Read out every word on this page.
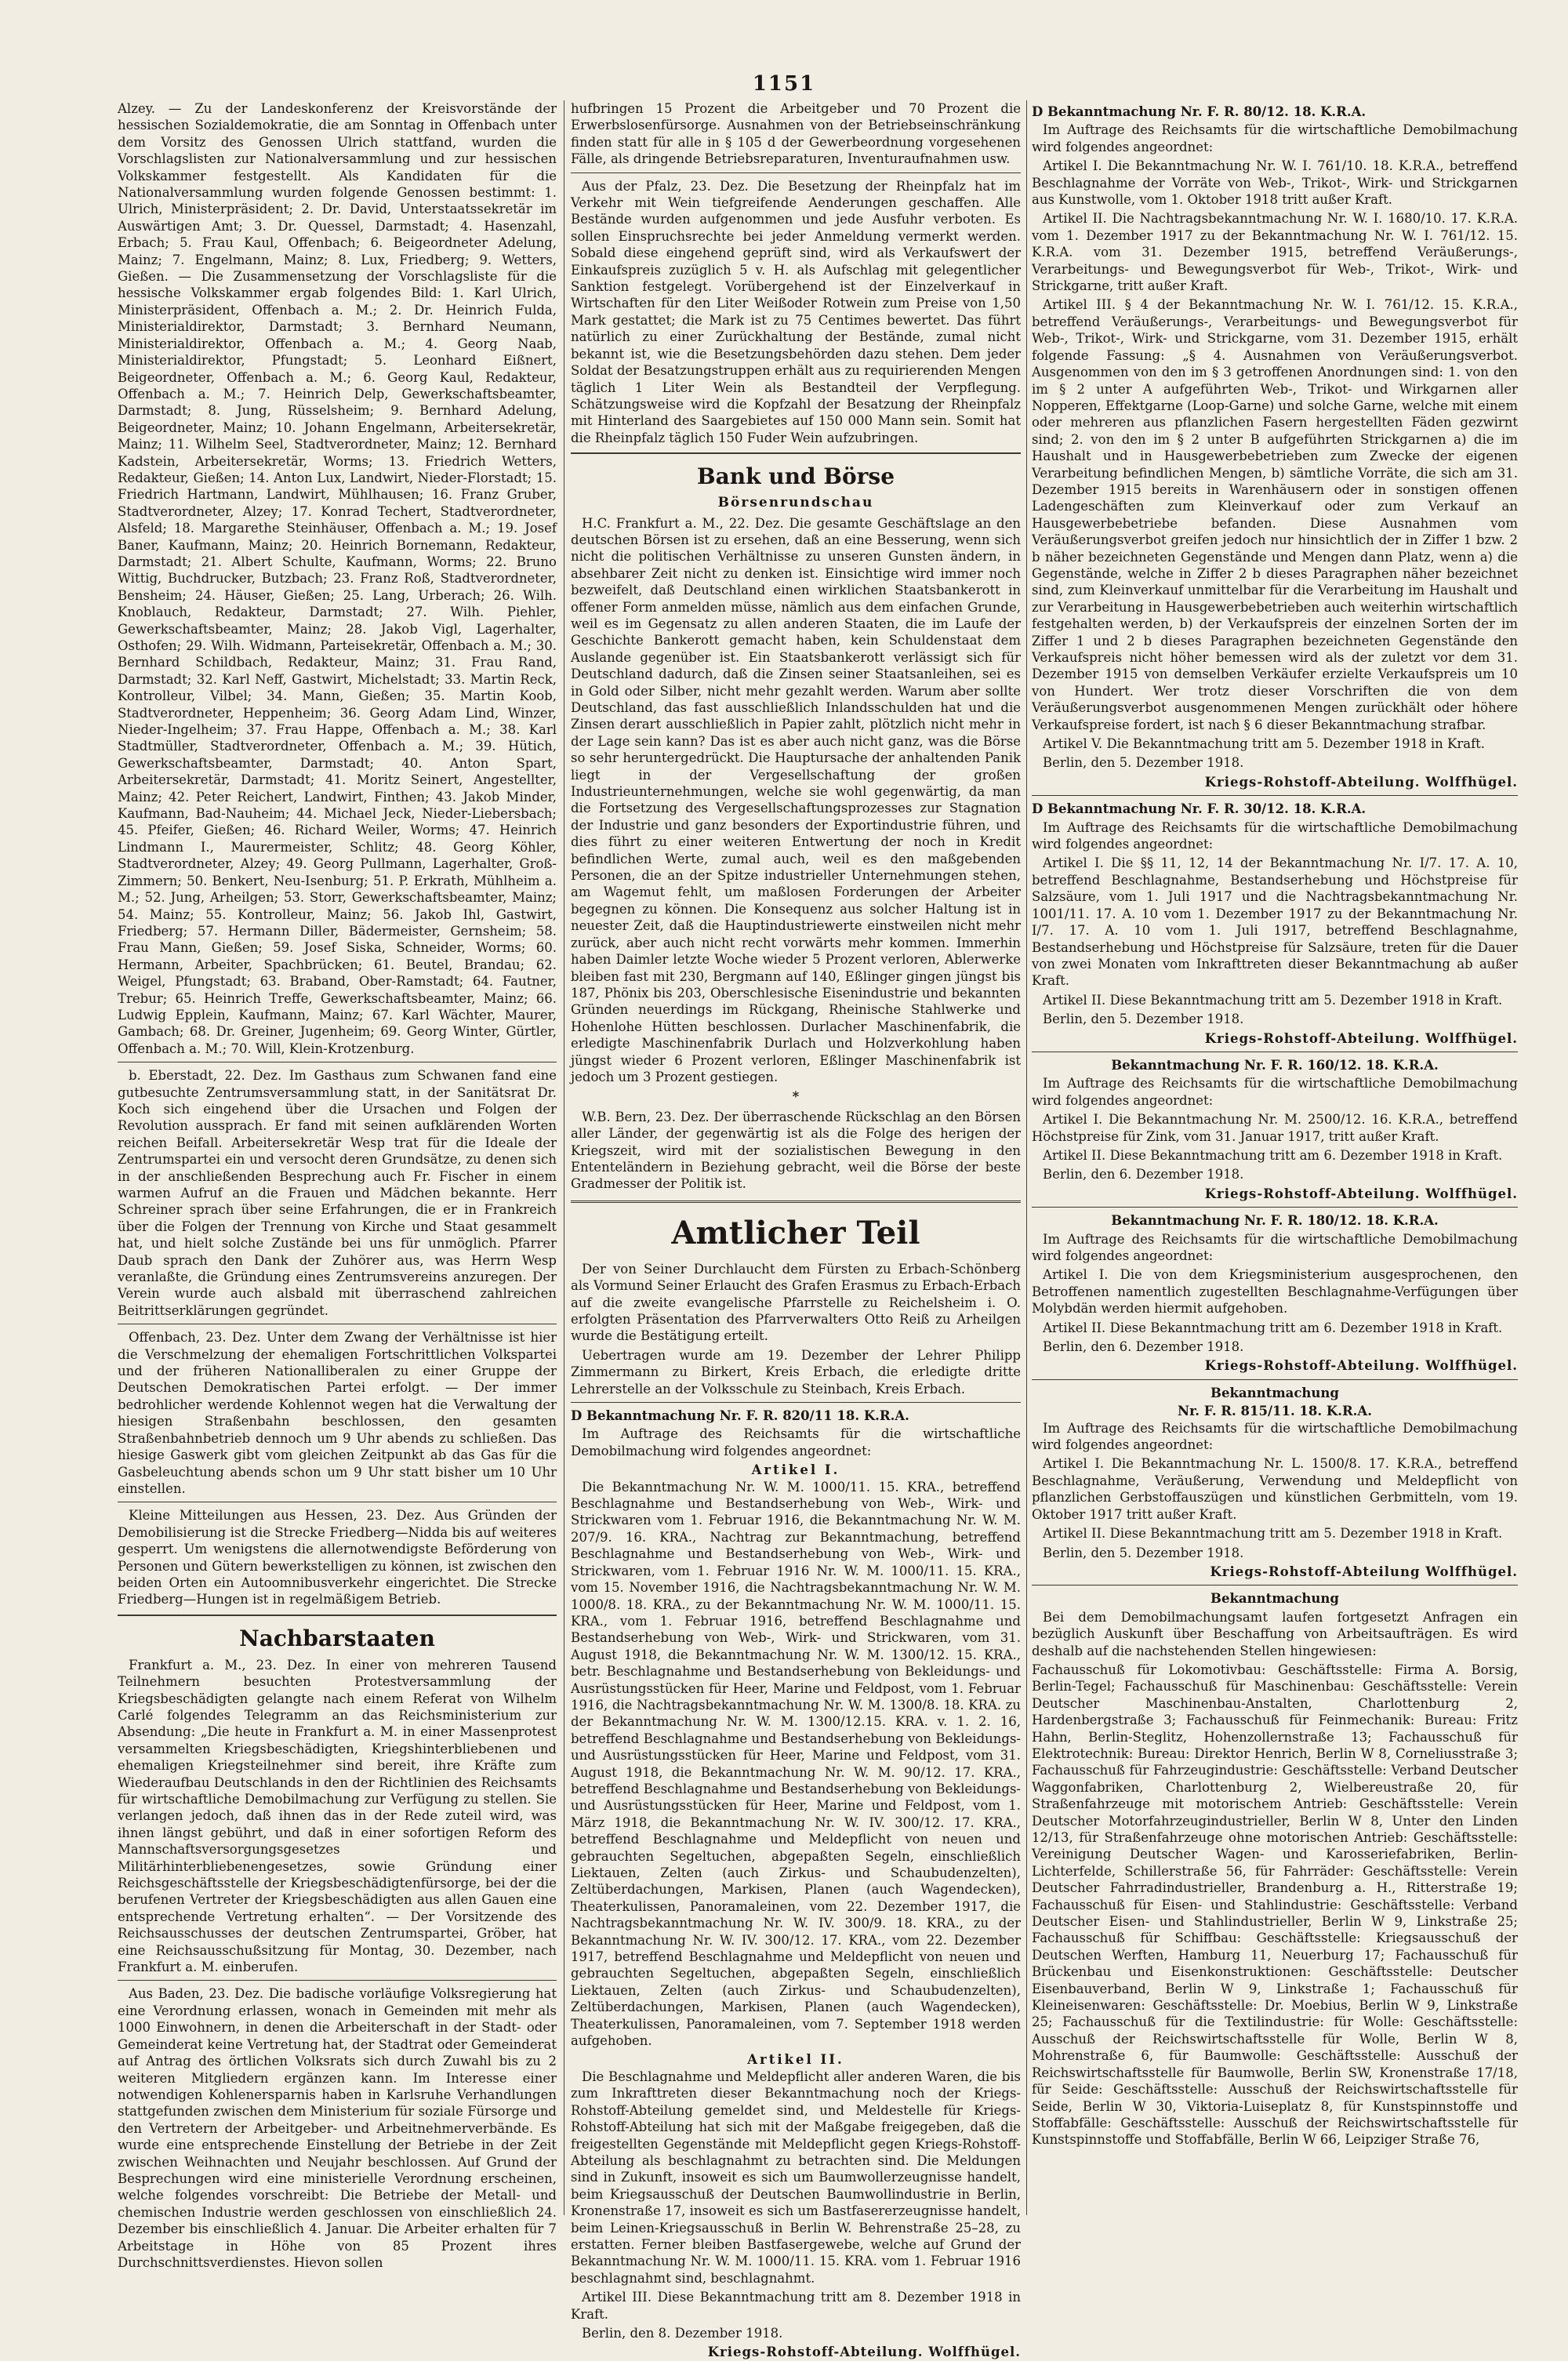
1151

Alzey. — Zu der Landeskonferenz der Kreisvorstände der hessischen Sozialdemokratie, die am Sonntag in Offenbach unter dem Vorsitz des Genossen Ulrich stattfand, wurden die Vorschlagslisten zur Nationalversammlung und zur hessischen Volkskammer festgestellt. Als Kandidaten für die Nationalversammlung wurden folgende Genossen bestimmt: 1. Ulrich, Ministerpräsident; 2. Dr. David, Unterstaatssekretär im Auswärtigen Amt; 3. Dr. Quessel, Darmstadt; 4. Hasenzahl, Erbach; 5. Frau Kaul, Offenbach; 6. Beigeordneter Adelung, Mainz; 7. Engelmann, Mainz; 8. Lux, Friedberg; 9. Wetters, Gießen. — Die Zusammensetzung der Vorschlagsliste für die hessische Volkskammer ergab folgendes Bild: 1. Karl Ulrich, Ministerpräsident, Offenbach a. M.; 2. Dr. Heinrich Fulda, Ministerialdirektor, Darmstadt; 3. Bernhard Neumann, Ministerialdirektor, Offenbach a. M.; 4. Georg Naab, Ministerialdirektor, Pfungstadt; 5. Leonhard Eißnert, Beigeordneter, Offenbach a. M.; 6. Georg Kaul, Redakteur, Offenbach a. M.; 7. Heinrich Delp, Gewerkschaftsbeamter, Darmstadt; 8. Jung, Rüsselsheim; 9. Bernhard Adelung, Beigeordneter, Mainz; 10. Johann Engelmann, Arbeitersekretär, Mainz; 11. Wilhelm Seel, Stadtverordneter, Mainz; 12. Bernhard Kadstein, Arbeitersekretär, Worms; 13. Friedrich Wetters, Redakteur, Gießen; 14. Anton Lux, Landwirt, Nieder-Florstadt; 15. Friedrich Hartmann, Landwirt, Mühlhausen; 16. Franz Gruber, Stadtverordneter, Alzey; 17. Konrad Techert, Stadtverordneter, Alsfeld; 18. Margarethe Steinhäuser, Offenbach a. M.; 19. Josef Baner, Kaufmann, Mainz; 20. Heinrich Bornemann, Redakteur, Darmstadt; 21. Albert Schulte, Kaufmann, Worms; 22. Bruno Wittig, Buchdrucker, Butzbach; 23. Franz Roß, Stadtverordneter, Bensheim; 24. Häuser, Gießen; 25. Lang, Urberach; 26. Wilh. Knoblauch, Redakteur, Darmstadt; 27. Wilh. Piehler, Gewerkschaftsbeamter, Mainz; 28. Jakob Vigl, Lagerhalter, Osthofen; 29. Wilh. Widmann, Parteisekretär, Offenbach a. M.; 30. Bernhard Schildbach, Redakteur, Mainz; 31. Frau Rand, Darmstadt; 32. Karl Neff, Gastwirt, Michelstadt; 33. Martin Reck, Kontrolleur, Vilbel; 34. Mann, Gießen; 35. Martin Koob, Stadtverordneter, Heppenheim; 36. Georg Adam Lind, Winzer, Nieder-Ingelheim; 37. Frau Happe, Offenbach a. M.; 38. Karl Stadtmüller, Stadtverordneter, Offenbach a. M.; 39. Hütich, Gewerkschaftsbeamter, Darmstadt; 40. Anton Spart, Arbeitersekretär, Darmstadt; 41. Moritz Seinert, Angestellter, Mainz; 42. Peter Reichert, Landwirt, Finthen; 43. Jakob Minder, Kaufmann, Bad-Nauheim; 44. Michael Jeck, Nieder-Liebersbach; 45. Pfeifer, Gießen; 46. Richard Weiler, Worms; 47. Heinrich Lindmann I., Maurermeister, Schlitz; 48. Georg Köhler, Stadtverordneter, Alzey; 49. Georg Pullmann, Lagerhalter, Groß-Zimmern; 50. Benkert, Neu-Isenburg; 51. P. Erkrath, Mühlheim a. M.; 52. Jung, Arheilgen; 53. Storr, Gewerkschaftsbeamter, Mainz; 54. Mainz; 55. Kontrolleur, Mainz; 56. Jakob Ihl, Gastwirt, Friedberg; 57. Hermann Diller, Bädermeister, Gernsheim; 58. Frau Mann, Gießen; 59. Josef Siska, Schneider, Worms; 60. Hermann, Arbeiter, Spachbrücken; 61. Beutel, Brandau; 62. Weigel, Pfungstadt; 63. Braband, Ober-Ramstadt; 64. Fautner, Trebur; 65. Heinrich Treffe, Gewerkschaftsbeamter, Mainz; 66. Ludwig Epplein, Kaufmann, Mainz; 67. Karl Wächter, Maurer, Gambach; 68. Dr. Greiner, Jugenheim; 69. Georg Winter, Gürtler, Offenbach a. M.; 70. Will, Klein-Krotzenburg.

b. Eberstadt, 22. Dez. Im Gasthaus zum Schwanen fand eine gutbesuchte Zentrumsversammlung statt, in der Sanitätsrat Dr. Koch sich eingehend über die Ursachen und Folgen der Revolution aussprach. Er fand mit seinen aufklärenden Worten reichen Beifall. Arbeitersekretär Wesp trat für die Ideale der Zentrumspartei ein und versocht deren Grundsätze, zu denen sich in der anschließenden Besprechung auch Fr. Fischer in einem warmen Aufruf an die Frauen und Mädchen bekannte. Herr Schreiner sprach über seine Erfahrungen, die er in Frankreich über die Folgen der Trennung von Kirche und Staat gesammelt hat, und hielt solche Zustände bei uns für unmöglich. Pfarrer Daub sprach den Dank der Zuhörer aus, was Herrn Wesp veranlaßte, die Gründung eines Zentrumsvereins anzuregen. Der Verein wurde auch alsbald mit überraschend zahlreichen Beitrittserklärungen gegründet.

Offenbach, 23. Dez. Unter dem Zwang der Verhältnisse ist hier die Verschmelzung der ehemaligen Fortschrittlichen Volkspartei und der früheren Nationalliberalen zu einer Gruppe der Deutschen Demokratischen Partei erfolgt. — Der immer bedrohlicher werdende Kohlennot wegen hat die Verwaltung der hiesigen Straßenbahn beschlossen, den gesamten Straßenbahnbetrieb dennoch um 9 Uhr abends zu schließen. Das hiesige Gaswerk gibt vom gleichen Zeitpunkt ab das Gas für die Gasbeleuchtung abends schon um 9 Uhr statt bisher um 10 Uhr einstellen.

Kleine Mitteilungen aus Hessen, 23. Dez. Aus Gründen der Demobilisierung ist die Strecke Friedberg—Nidda bis auf weiteres gesperrt. Um wenigstens die allernotwendigste Beförderung von Personen und Gütern bewerkstelligen zu können, ist zwischen den beiden Orten ein Autoomnibusverkehr eingerichtet. Die Strecke Friedberg—Hungen ist in regelmäßigem Betrieb.

Nachbarstaaten

Frankfurt a. M., 23. Dez. In einer von mehreren Tausend Teilnehmern besuchten Protestversammlung der Kriegsbeschädigten gelangte nach einem Referat von Wilhelm Carlé folgendes Telegramm an das Reichsministerium zur Absendung: „Die heute in Frankfurt a. M. in einer Massenprotest versammelten Kriegsbeschädigten, Kriegshinterbliebenen und ehemaligen Kriegsteilnehmer sind bereit, ihre Kräfte zum Wiederaufbau Deutschlands in den der Richtlinien des Reichsamts für wirtschaftliche Demobilmachung zur Verfügung zu stellen. Sie verlangen jedoch, daß ihnen das in der Rede zuteil wird, was ihnen längst gebührt, und daß in einer sofortigen Reform des Mannschaftsversorgungsgesetzes und Militärhinterbliebenengesetzes, sowie Gründung einer Reichsgeschäftsstelle der Kriegsbeschädigtenfürsorge, bei der die berufenen Vertreter der Kriegsbeschädigten aus allen Gauen eine entsprechende Vertretung erhalten“. — Der Vorsitzende des Reichsausschusses der deutschen Zentrumspartei, Gröber, hat eine Reichsausschußsitzung für Montag, 30. Dezember, nach Frankfurt a. M. einberufen.

Aus Baden, 23. Dez. Die badische vorläufige Volksregierung hat eine Verordnung erlassen, wonach in Gemeinden mit mehr als 1000 Einwohnern, in denen die Arbeiterschaft in der Stadt- oder Gemeinderat keine Vertretung hat, der Stadtrat oder Gemeinderat auf Antrag des örtlichen Volksrats sich durch Zuwahl bis zu 2 weiteren Mitgliedern ergänzen kann. Im Interesse einer notwendigen Kohlenersparnis haben in Karlsruhe Verhandlungen stattgefunden zwischen dem Ministerium für soziale Fürsorge und den Vertretern der Arbeitgeber- und Arbeitnehmerverbände. Es wurde eine entsprechende Einstellung der Betriebe in der Zeit zwischen Weihnachten und Neujahr beschlossen. Auf Grund der Besprechungen wird eine ministerielle Verordnung erscheinen, welche folgendes vorschreibt: Die Betriebe der Metall- und chemischen Industrie werden geschlossen von einschließlich 24. Dezember bis einschließlich 4. Januar. Die Arbeiter erhalten für 7 Arbeitstage in Höhe von 85 Prozent ihres Durchschnittsverdienstes. Hievon sollen

hufbringen 15 Prozent die Arbeitgeber und 70 Prozent die Erwerbslosenfürsorge. Ausnahmen von der Betriebseinschränkung finden statt für alle in § 105 d der Gewerbeordnung vorgesehenen Fälle, als dringende Betriebsreparaturen, Inventuraufnahmen usw.

Aus der Pfalz, 23. Dez. Die Besetzung der Rheinpfalz hat im Verkehr mit Wein tiefgreifende Aenderungen geschaffen. Alle Bestände wurden aufgenommen und jede Ausfuhr verboten. Es sollen Einspruchsrechte bei jeder Anmeldung vermerkt werden. Sobald diese eingehend geprüft sind, wird als Verkaufswert der Einkaufspreis zuzüglich 5 v. H. als Aufschlag mit gelegentlicher Sanktion festgelegt. Vorübergehend ist der Einzelverkauf in Wirtschaften für den Liter Weißoder Rotwein zum Preise von 1,50 Mark gestattet; die Mark ist zu 75 Centimes bewertet. Das führt natürlich zu einer Zurückhaltung der Bestände, zumal nicht bekannt ist, wie die Besetzungsbehörden dazu stehen. Dem jeder Soldat der Besatzungstruppen erhält aus zu requirierenden Mengen täglich 1 Liter Wein als Bestandteil der Verpflegung. Schätzungsweise wird die Kopfzahl der Besatzung der Rheinpfalz mit Hinterland des Saargebietes auf 150 000 Mann sein. Somit hat die Rheinpfalz täglich 150 Fuder Wein aufzubringen.

Bank und Börse
Börsenrundschau

H.C. Frankfurt a. M., 22. Dez. Die gesamte Geschäftslage an den deutschen Börsen ist zu ersehen, daß an eine Besserung, wenn sich nicht die politischen Verhältnisse zu unseren Gunsten ändern, in absehbarer Zeit nicht zu denken ist. Einsichtige wird immer noch bezweifelt, daß Deutschland einen wirklichen Staatsbankerott in offener Form anmelden müsse, nämlich aus dem einfachen Grunde, weil es im Gegensatz zu allen anderen Staaten, die im Laufe der Geschichte Bankerott gemacht haben, kein Schuldenstaat dem Auslande gegenüber ist. Ein Staatsbankerott verlässigt sich für Deutschland dadurch, daß die Zinsen seiner Staatsanleihen, sei es in Gold oder Silber, nicht mehr gezahlt werden. Warum aber sollte Deutschland, das fast ausschließlich Inlandsschulden hat und die Zinsen derart ausschließlich in Papier zahlt, plötzlich nicht mehr in der Lage sein kann? Das ist es aber auch nicht ganz, was die Börse so sehr heruntergedrückt. Die Hauptursache der anhaltenden Panik liegt in der Vergesellschaftung der großen Industrieunternehmungen, welche sie wohl gegenwärtig, da man die Fortsetzung des Vergesellschaftungsprozesses zur Stagnation der Industrie und ganz besonders der Exportindustrie führen, und dies führt zu einer weiteren Entwertung der noch in Kredit befindlichen Werte, zumal auch, weil es den maßgebenden Personen, die an der Spitze industrieller Unternehmungen stehen, am Wagemut fehlt, um maßlosen Forderungen der Arbeiter begegnen zu können. Die Konsequenz aus solcher Haltung ist in neuester Zeit, daß die Hauptindustriewerte einstweilen nicht mehr zurück, aber auch nicht recht vorwärts mehr kommen. Immerhin haben Daimler letzte Woche wieder 5 Prozent verloren, Ablerwerke bleiben fast mit 230, Bergmann auf 140, Eßlinger gingen jüngst bis 187, Phönix bis 203, Oberschlesische Eisenindustrie und bekannten Gründen neuerdings im Rückgang, Rheinische Stahlwerke und Hohenlohe Hütten beschlossen. Durlacher Maschinenfabrik, die erledigte Maschinenfabrik Durlach und Holzverkohlung haben jüngst wieder 6 Prozent verloren, Eßlinger Maschinenfabrik ist jedoch um 3 Prozent gestiegen.

*

W.B. Bern, 23. Dez. Der überraschende Rückschlag an den Börsen aller Länder, der gegenwärtig ist als die Folge des herigen der Kriegszeit, wird mit der sozialistischen Bewegung in den Ententeländern in Beziehung gebracht, weil die Börse der beste Gradmesser der Politik ist.

Amtlicher Teil

Der von Seiner Durchlaucht dem Fürsten zu Erbach-Schönberg als Vormund Seiner Erlaucht des Grafen Erasmus zu Erbach-Erbach auf die zweite evangelische Pfarrstelle zu Reichelsheim i. O. erfolgten Präsentation des Pfarrverwalters Otto Reiß zu Arheilgen wurde die Bestätigung erteilt.

Uebertragen wurde am 19. Dezember der Lehrer Philipp Zimmermann zu Birkert, Kreis Erbach, die erledigte dritte Lehrerstelle an der Volksschule zu Steinbach, Kreis Erbach.

D Bekanntmachung Nr. F. R. 820/11 18. K.R.A.

Im Auftrage des Reichsamts für die wirtschaftliche Demobilmachung wird folgendes angeordnet:

Artikel I.

Die Bekanntmachung Nr. W. M. 1000/11. 15. KRA., betreffend Beschlagnahme und Bestandserhebung von Web-, Wirk- und Strickwaren vom 1. Februar 1916, die Bekanntmachung Nr. W. M. 207/9. 16. KRA., Nachtrag zur Bekanntmachung, betreffend Beschlagnahme und Bestandserhebung von Web-, Wirk- und Strickwaren, vom 1. Februar 1916 Nr. W. M. 1000/11. 15. KRA., vom 15. November 1916, die Nachtragsbekanntmachung Nr. W. M. 1000/8. 18. KRA., zu der Bekanntmachung Nr. W. M. 1000/11. 15. KRA., vom 1. Februar 1916, betreffend Beschlagnahme und Bestandserhebung von Web-, Wirk- und Strickwaren, vom 31. August 1918, die Bekanntmachung Nr. W. M. 1300/12. 15. KRA., betr. Beschlagnahme und Bestandserhebung von Bekleidungs- und Ausrüstungsstücken für Heer, Marine und Feldpost, vom 1. Februar 1916, die Nachtragsbekanntmachung Nr. W. M. 1300/8. 18. KRA. zu der Bekanntmachung Nr. W. M. 1300/12.15. KRA. v. 1. 2. 16, betreffend Beschlagnahme und Bestandserhebung von Bekleidungs- und Ausrüstungsstücken für Heer, Marine und Feldpost, vom 31. August 1918, die Bekanntmachung Nr. W. M. 90/12. 17. KRA., betreffend Beschlagnahme und Bestandserhebung von Bekleidungs- und Ausrüstungsstücken für Heer, Marine und Feldpost, vom 1. März 1918, die Bekanntmachung Nr. W. IV. 300/12. 17. KRA., betreffend Beschlagnahme und Meldepflicht von neuen und gebrauchten Segeltuchen, abgepaßten Segeln, einschließlich Liektauen, Zelten (auch Zirkus- und Schaubudenzelten), Zeltüberdachungen, Markisen, Planen (auch Wagendecken), Theaterkulissen, Panoramaleinen, vom 22. Dezember 1917, die Nachtragsbekanntmachung Nr. W. IV. 300/9. 18. KRA., zu der Bekanntmachung Nr. W. IV. 300/12. 17. KRA., vom 22. Dezember 1917, betreffend Beschlagnahme und Meldepflicht von neuen und gebrauchten Segeltuchen, abgepaßten Segeln, einschließlich Liektauen, Zelten (auch Zirkus- und Schaubudenzelten), Zeltüberdachungen, Markisen, Planen (auch Wagendecken), Theaterkulissen, Panoramaleinen, vom 7. September 1918 werden aufgehoben.

Artikel II.

Die Beschlagnahme und Meldepflicht aller anderen Waren, die bis zum Inkrafttreten dieser Bekanntmachung noch der Kriegs-Rohstoff-Abteilung gemeldet sind, und Meldestelle für Kriegs-Rohstoff-Abteilung hat sich mit der Maßgabe freigegeben, daß die freigestellten Gegenstände mit Meldepflicht gegen Kriegs-Rohstoff-Abteilung als beschlagnahmt zu betrachten sind. Die Meldungen sind in Zukunft, insoweit es sich um Baumwollerzeugnisse handelt, beim Kriegsausschuß der Deutschen Baumwollindustrie in Berlin, Kronenstraße 17, insoweit es sich um Bastfasererzeugnisse handelt, beim Leinen-Kriegsausschuß in Berlin W. Behrenstraße 25–28, zu erstatten. Ferner bleiben Bastfasergewebe, welche auf Grund der Bekanntmachung Nr. W. M. 1000/11. 15. KRA. vom 1. Februar 1916 beschlagnahmt sind, beschlagnahmt.

Artikel III. Diese Bekanntmachung tritt am 8. Dezember 1918 in Kraft.

Berlin, den 8. Dezember 1918.

Kriegs-Rohstoff-Abteilung. Wolffhügel.
D Bekanntmachung Nr. F. R. 80/12. 18. K.R.A.

Im Auftrage des Reichsamts für die wirtschaftliche Demobilmachung wird folgendes angeordnet:

Artikel I. Die Bekanntmachung Nr. W. I. 761/10. 18. K.R.A., betreffend Beschlagnahme der Vorräte von Web-, Trikot-, Wirk- und Strickgarnen aus Kunstwolle, vom 1. Oktober 1918 tritt außer Kraft.

Artikel II. Die Nachtragsbekanntmachung Nr. W. I. 1680/10. 17. K.R.A. vom 1. Dezember 1917 zu der Bekanntmachung Nr. W. I. 761/12. 15. K.R.A. vom 31. Dezember 1915, betreffend Veräußerungs-, Verarbeitungs- und Bewegungsverbot für Web-, Trikot-, Wirk- und Strickgarne, tritt außer Kraft.

Artikel III. § 4 der Bekanntmachung Nr. W. I. 761/12. 15. K.R.A., betreffend Veräußerungs-, Verarbeitungs- und Bewegungsverbot für Web-, Trikot-, Wirk- und Strickgarne, vom 31. Dezember 1915, erhält folgende Fassung: „§ 4. Ausnahmen von Veräußerungsverbot. Ausgenommen von den im § 3 getroffenen Anordnungen sind: 1. von den im § 2 unter A aufgeführten Web-, Trikot- und Wirkgarnen aller Nopperen, Effektgarne (Loop-Garne) und solche Garne, welche mit einem oder mehreren aus pflanzlichen Fasern hergestellten Fäden gezwirnt sind; 2. von den im § 2 unter B aufgeführten Strickgarnen a) die im Haushalt und in Hausgewerbebetrieben zum Zwecke der eigenen Verarbeitung befindlichen Mengen, b) sämtliche Vorräte, die sich am 31. Dezember 1915 bereits in Warenhäusern oder in sonstigen offenen Ladengeschäften zum Kleinverkauf oder zum Verkauf an Hausgewerbebetriebe befanden. Diese Ausnahmen vom Veräußerungsverbot greifen jedoch nur hinsichtlich der in Ziffer 1 bzw. 2 b näher bezeichneten Gegenstände und Mengen dann Platz, wenn a) die Gegenstände, welche in Ziffer 2 b dieses Paragraphen näher bezeichnet sind, zum Kleinverkauf unmittelbar für die Verarbeitung im Haushalt und zur Verarbeitung in Hausgewerbebetrieben auch weiterhin wirtschaftlich festgehalten werden, b) der Verkaufspreis der einzelnen Sorten der im Ziffer 1 und 2 b dieses Paragraphen bezeichneten Gegenstände den Verkaufspreis nicht höher bemessen wird als der zuletzt vor dem 31. Dezember 1915 von demselben Verkäufer erzielte Verkaufspreis um 10 von Hundert. Wer trotz dieser Vorschriften die von dem Veräußerungsverbot ausgenommenen Mengen zurückhält oder höhere Verkaufspreise fordert, ist nach § 6 dieser Bekanntmachung strafbar.

Artikel V. Die Bekanntmachung tritt am 5. Dezember 1918 in Kraft.

Berlin, den 5. Dezember 1918.

Kriegs-Rohstoff-Abteilung. Wolffhügel.
D Bekanntmachung Nr. F. R. 30/12. 18. K.R.A.

Im Auftrage des Reichsamts für die wirtschaftliche Demobilmachung wird folgendes angeordnet:

Artikel I. Die §§ 11, 12, 14 der Bekanntmachung Nr. I/7. 17. A. 10, betreffend Beschlagnahme, Bestandserhebung und Höchstpreise für Salzsäure, vom 1. Juli 1917 und die Nachtragsbekanntmachung Nr. 1001/11. 17. A. 10 vom 1. Dezember 1917 zu der Bekanntmachung Nr. I/7. 17. A. 10 vom 1. Juli 1917, betreffend Beschlagnahme, Bestandserhebung und Höchstpreise für Salzsäure, treten für die Dauer von zwei Monaten vom Inkrafttreten dieser Bekanntmachung ab außer Kraft.

Artikel II. Diese Bekanntmachung tritt am 5. Dezember 1918 in Kraft.

Berlin, den 5. Dezember 1918.

Kriegs-Rohstoff-Abteilung. Wolffhügel.
Bekanntmachung Nr. F. R. 160/12. 18. K.R.A.

Im Auftrage des Reichsamts für die wirtschaftliche Demobilmachung wird folgendes angeordnet:

Artikel I. Die Bekanntmachung Nr. M. 2500/12. 16. K.R.A., betreffend Höchstpreise für Zink, vom 31. Januar 1917, tritt außer Kraft.

Artikel II. Diese Bekanntmachung tritt am 6. Dezember 1918 in Kraft.

Berlin, den 6. Dezember 1918.

Kriegs-Rohstoff-Abteilung. Wolffhügel.
Bekanntmachung Nr. F. R. 180/12. 18. K.R.A.

Im Auftrage des Reichsamts für die wirtschaftliche Demobilmachung wird folgendes angeordnet:

Artikel I. Die von dem Kriegsministerium ausgesprochenen, den Betroffenen namentlich zugestellten Beschlagnahme-Verfügungen über Molybdän werden hiermit aufgehoben.

Artikel II. Diese Bekanntmachung tritt am 6. Dezember 1918 in Kraft.

Berlin, den 6. Dezember 1918.

Kriegs-Rohstoff-Abteilung. Wolffhügel.
Bekanntmachung
Nr. F. R. 815/11. 18. K.R.A.

Im Auftrage des Reichsamts für die wirtschaftliche Demobilmachung wird folgendes angeordnet:

Artikel I. Die Bekanntmachung Nr. L. 1500/8. 17. K.R.A., betreffend Beschlagnahme, Veräußerung, Verwendung und Meldepflicht von pflanzlichen Gerbstoffauszügen und künstlichen Gerbmitteln, vom 19. Oktober 1917 tritt außer Kraft.

Artikel II. Diese Bekanntmachung tritt am 5. Dezember 1918 in Kraft.

Berlin, den 5. Dezember 1918.

Kriegs-Rohstoff-Abteilung Wolffhügel.
Bekanntmachung

Bei dem Demobilmachungsamt laufen fortgesetzt Anfragen ein bezüglich Auskunft über Beschaffung von Arbeitsaufträgen. Es wird deshalb auf die nachstehenden Stellen hingewiesen:

Fachausschuß für Lokomotivbau: Geschäftsstelle: Firma A. Borsig, Berlin-Tegel; Fachausschuß für Maschinenbau: Geschäftsstelle: Verein Deutscher Maschinenbau-Anstalten, Charlottenburg 2, Hardenbergstraße 3; Fachausschuß für Feinmechanik: Bureau: Fritz Hahn, Berlin-Steglitz, Hohenzollernstraße 13; Fachausschuß für Elektrotechnik: Bureau: Direktor Henrich, Berlin W 8, Corneliusstraße 3; Fachausschuß für Fahrzeugindustrie: Geschäftsstelle: Verband Deutscher Waggonfabriken, Charlottenburg 2, Wielbereustraße 20, für Straßenfahrzeuge mit motorischem Antrieb: Geschäftsstelle: Verein Deutscher Motorfahrzeugindustrieller, Berlin W 8, Unter den Linden 12/13, für Straßenfahrzeuge ohne motorischen Antrieb: Geschäftsstelle: Vereinigung Deutscher Wagen- und Karosseriefabriken, Berlin-Lichterfelde, Schillerstraße 56, für Fahrräder: Geschäftsstelle: Verein Deutscher Fahrradindustrieller, Brandenburg a. H., Ritterstraße 19; Fachausschuß für Eisen- und Stahlindustrie: Geschäftsstelle: Verband Deutscher Eisen- und Stahlindustrieller, Berlin W 9, Linkstraße 25; Fachausschuß für Schiffbau: Geschäftsstelle: Kriegsausschuß der Deutschen Werften, Hamburg 11, Neuerburg 17; Fachausschuß für Brückenbau und Eisenkonstruktionen: Geschäftsstelle: Deutscher Eisenbauverband, Berlin W 9, Linkstraße 1; Fachausschuß für Kleineisenwaren: Geschäftsstelle: Dr. Moebius, Berlin W 9, Linkstraße 25; Fachausschuß für die Textilindustrie: für Wolle: Geschäftsstelle: Ausschuß der Reichswirtschaftsstelle für Wolle, Berlin W 8, Mohrenstraße 6, für Baumwolle: Geschäftsstelle: Ausschuß der Reichswirtschaftsstelle für Baumwolle, Berlin SW, Kronenstraße 17/18, für Seide: Geschäftsstelle: Ausschuß der Reichswirtschaftsstelle für Seide, Berlin W 30, Viktoria-Luiseplatz 8, für Kunstspinnstoffe und Stoffabfälle: Geschäftsstelle: Ausschuß der Reichswirtschaftsstelle für Kunstspinnstoffe und Stoffabfälle, Berlin W 66, Leipziger Straße 76,
